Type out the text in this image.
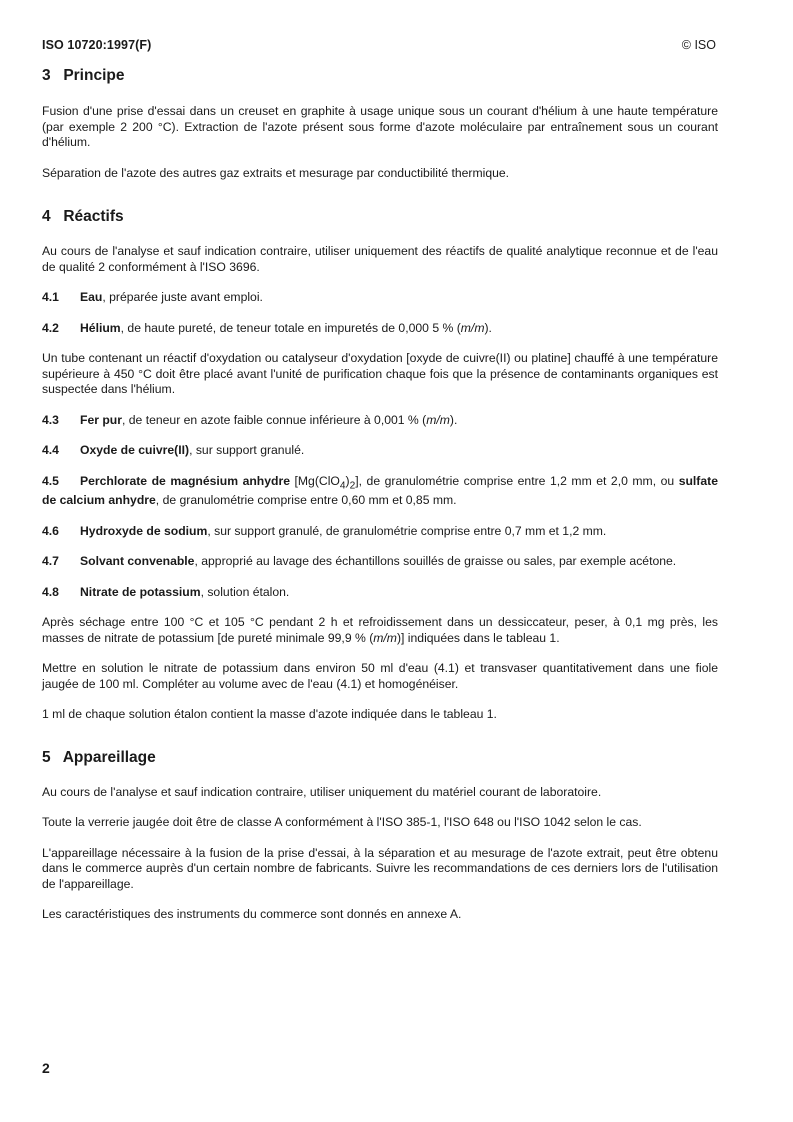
ISO 10720:1997(F)	© ISO
3 Principe

Fusion d'une prise d'essai dans un creuset en graphite à usage unique sous un courant d'hélium à une haute température (par exemple 2 200 °C). Extraction de l'azote présent sous forme d'azote moléculaire par entraînement sous un courant d'hélium.

Séparation de l'azote des autres gaz extraits et mesurage par conductibilité thermique.

4 Réactifs

Au cours de l'analyse et sauf indication contraire, utiliser uniquement des réactifs de qualité analytique reconnue et de l'eau de qualité 2 conformément à l'ISO 3696.

4.1 Eau, préparée juste avant emploi.

4.2 Hélium, de haute pureté, de teneur totale en impuretés de 0,000 5 % (m/m).

Un tube contenant un réactif d'oxydation ou catalyseur d'oxydation [oxyde de cuivre(II) ou platine] chauffé à une température supérieure à 450 °C doit être placé avant l'unité de purification chaque fois que la présence de contaminants organiques est suspectée dans l'hélium.

4.3 Fer pur, de teneur en azote faible connue inférieure à 0,001 % (m/m).

4.4 Oxyde de cuivre(II), sur support granulé.

4.5 Perchlorate de magnésium anhydre $[Mg(ClO_4)_2]$, de granulométrie comprise entre 1,2 mm et 2,0 mm, ou sulfate de calcium anhydre, de granulométrie comprise entre 0,60 mm et 0,85 mm.

4.6 Hydroxyde de sodium, sur support granulé, de granulométrie comprise entre 0,7 mm et 1,2 mm.

4.7 Solvant convenable, approprié au lavage des échantillons souillés de graisse ou sales, par exemple acétone.

4.8 Nitrate de potassium, solution étalon.

Après séchage entre 100 °C et 105 °C pendant 2 h et refroidissement dans un dessiccateur, peser, à 0,1 mg près, les masses de nitrate de potassium [de pureté minimale 99,9 % (m/m)] indiquées dans le tableau 1.

Mettre en solution le nitrate de potassium dans environ 50 ml d'eau (4.1) et transvaser quantitativement dans une fiole jaugée de 100 ml. Compléter au volume avec de l'eau (4.1) et homogénéiser.

1 ml de chaque solution étalon contient la masse d'azote indiquée dans le tableau 1.

5 Appareillage

Au cours de l'analyse et sauf indication contraire, utiliser uniquement du matériel courant de laboratoire.

Toute la verrerie jaugée doit être de classe A conformément à l'ISO 385-1, l'ISO 648 ou l'ISO 1042 selon le cas.

L'appareillage nécessaire à la fusion de la prise d'essai, à la séparation et au mesurage de l'azote extrait, peut être obtenu dans le commerce auprès d'un certain nombre de fabricants. Suivre les recommandations de ces derniers lors de l'utilisation de l'appareillage.

Les caractéristiques des instruments du commerce sont donnés en annexe A.

2
